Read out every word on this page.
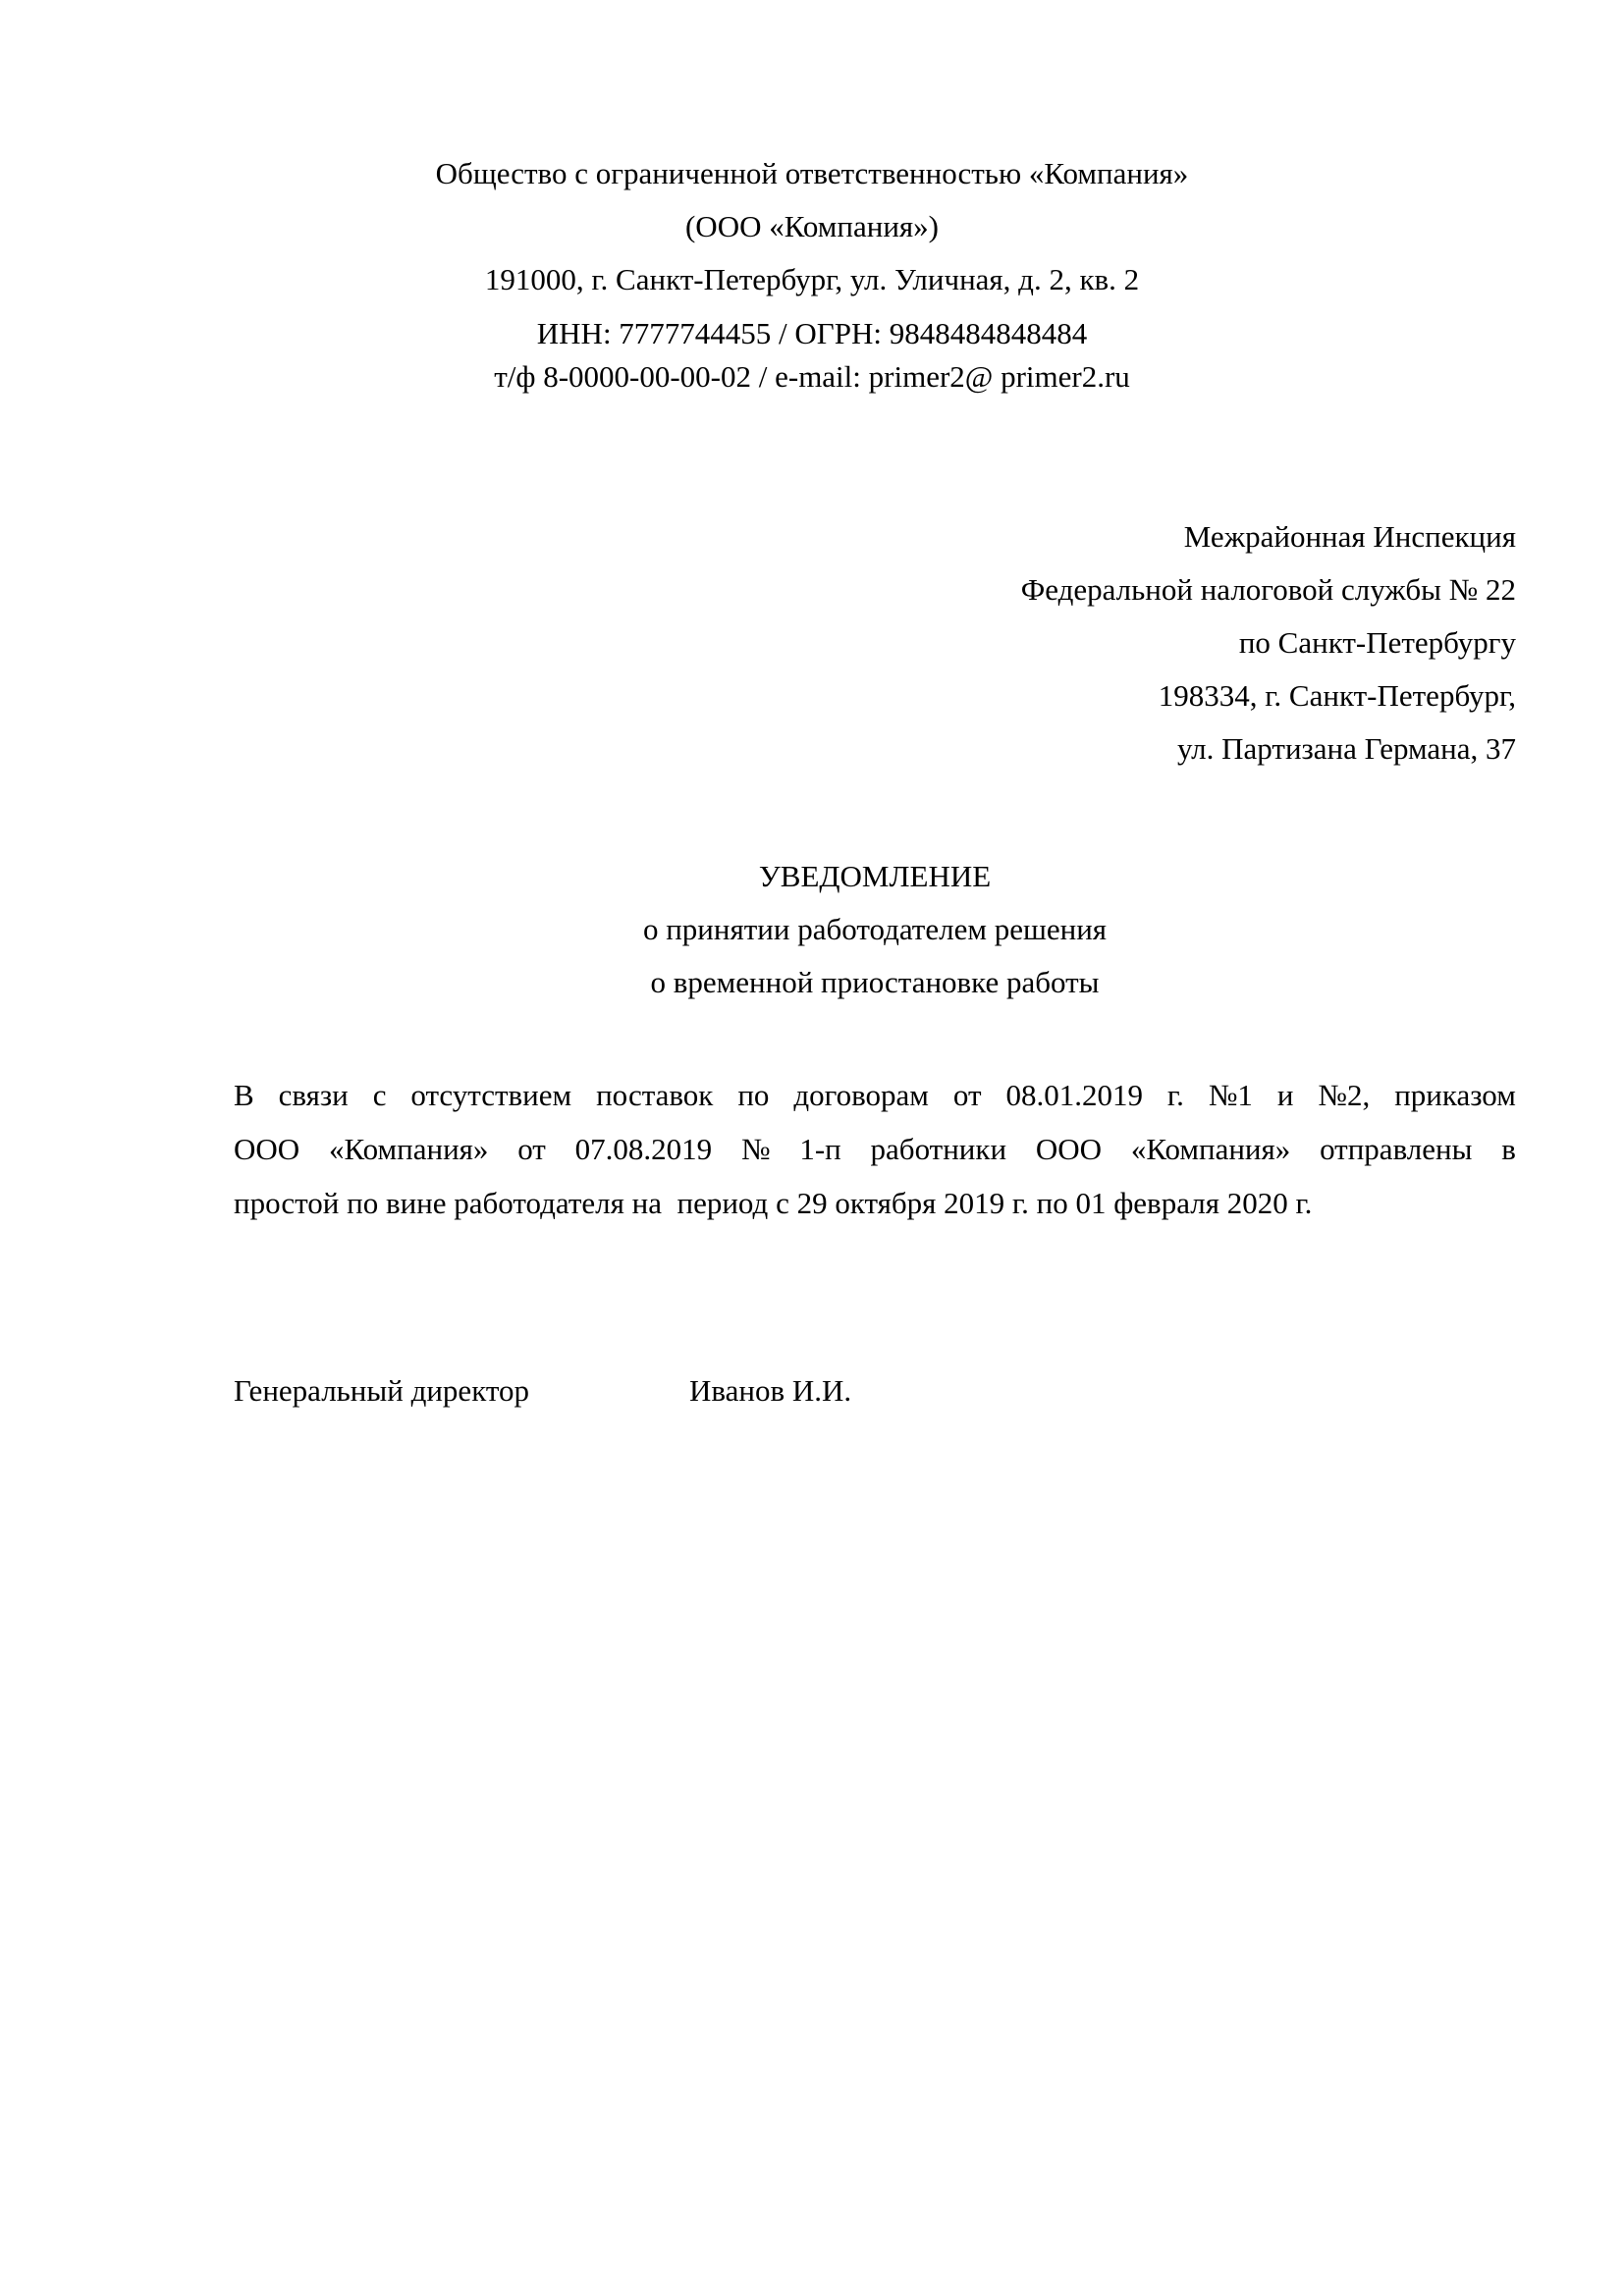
Общество с ограниченной ответственностью «Компания»
(ООО «Компания»)
191000, г. Санкт-Петербург, ул. Уличная, д. 2, кв. 2
ИНН: 7777744455 / ОГРН: 9848484848484
т/ф 8-0000-00-00-02 / e-mail: primer2@ primer2.ru
Межрайонная Инспекция
Федеральной налоговой службы № 22
по Санкт-Петербургу
198334, г. Санкт-Петербург,
ул. Партизана Германа, 37
УВЕДОМЛЕНИЕ
о принятии работодателем решения
о временной приостановке работы
В связи с отсутствием поставок по договорам от 08.01.2019 г. №1 и №2, приказом
ООО «Компания» от 07.08.2019 № 1-п работники ООО «Компания» отправлены в
простой по вине работодателя на  период с 29 октября 2019 г. по 01 февраля 2020 г.
Генеральный директор	Иванов И.И.
